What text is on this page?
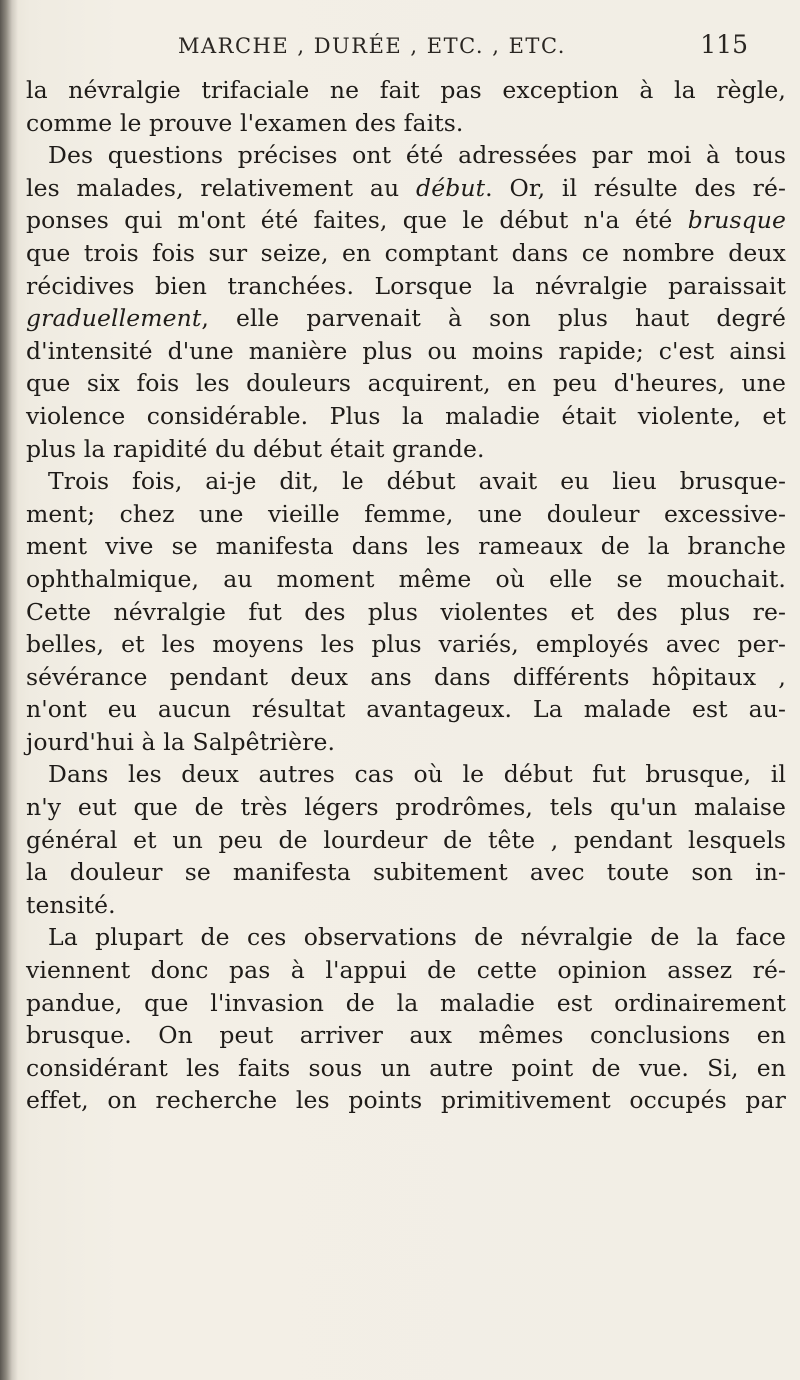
MARCHE , DURÉE , ETC. , ETC.	115
la névralgie trifaciale ne fait pas exception à la règle,
comme le prouve l'examen des faits.
Des questions précises ont été adressées par moi à tous
les malades, relativement au début. Or, il résulte des ré-
ponses qui m'ont été faites, que le début n'a été brusque
que trois fois sur seize, en comptant dans ce nombre deux
récidives bien tranchées. Lorsque la névralgie paraissait
graduellement, elle parvenait à son plus haut degré
d'intensité d'une manière plus ou moins rapide; c'est ainsi
que six fois les douleurs acquirent, en peu d'heures, une
violence considérable. Plus la maladie était violente, et
plus la rapidité du début était grande.
Trois fois, ai-je dit, le début avait eu lieu brusque-
ment; chez une vieille femme, une douleur excessive-
ment vive se manifesta dans les rameaux de la branche
ophthalmique, au moment même où elle se mouchait.
Cette névralgie fut des plus violentes et des plus re-
belles, et les moyens les plus variés, employés avec per-
sévérance pendant deux ans dans différents hôpitaux ,
n'ont eu aucun résultat avantageux. La malade est au-
jourd'hui à la Salpêtrière.
Dans les deux autres cas où le début fut brusque, il
n'y eut que de très légers prodrômes, tels qu'un malaise
général et un peu de lourdeur de tête , pendant lesquels
la douleur se manifesta subitement avec toute son in-
tensité.
La plupart de ces observations de névralgie de la face
viennent donc pas à l'appui de cette opinion assez ré-
pandue, que l'invasion de la maladie est ordinairement
brusque. On peut arriver aux mêmes conclusions en
considérant les faits sous un autre point de vue. Si, en
effet, on recherche les points primitivement occupés par
